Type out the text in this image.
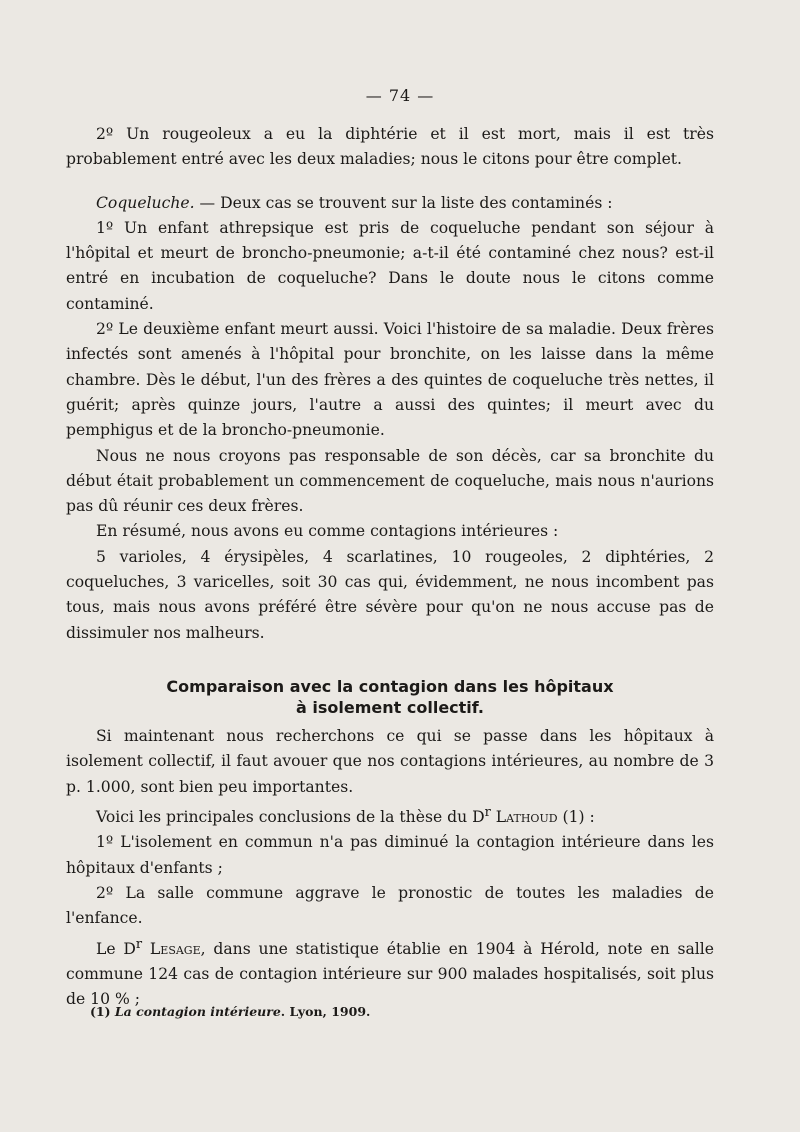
— 74 —

2º Un rougeoleux a eu la diphtérie et il est mort, mais il est très probablement entré avec les deux maladies; nous le citons pour être complet.

Coqueluche. — Deux cas se trouvent sur la liste des contaminés :

1º Un enfant athrepsique est pris de coqueluche pendant son séjour à l'hôpital et meurt de broncho-pneumonie; a-t-il été contaminé chez nous? est-il entré en incubation de coqueluche? Dans le doute nous le citons comme contaminé.

2º Le deuxième enfant meurt aussi. Voici l'histoire de sa maladie. Deux frères infectés sont amenés à l'hôpital pour bronchite, on les laisse dans la même chambre. Dès le début, l'un des frères a des quintes de coqueluche très nettes, il guérit; après quinze jours, l'autre a aussi des quintes; il meurt avec du pemphigus et de la broncho-pneumonie.

Nous ne nous croyons pas responsable de son décès, car sa bronchite du début était probablement un commencement de coqueluche, mais nous n'aurions pas dû réunir ces deux frères.

En résumé, nous avons eu comme contagions intérieures :

5 varioles, 4 érysipèles, 4 scarlatines, 10 rougeoles, 2 diphtéries, 2 coqueluches, 3 varicelles, soit 30 cas qui, évidemment, ne nous incombent pas tous, mais nous avons préféré être sévère pour qu'on ne nous accuse pas de dissimuler nos malheurs.

Comparaison avec la contagion dans les hôpitaux
à isolement collectif.

Si maintenant nous recherchons ce qui se passe dans les hôpitaux à isolement collectif, il faut avouer que nos contagions intérieures, au nombre de 3 p. 1.000, sont bien peu importantes.

Voici les principales conclusions de la thèse du $D^r$ Lathoud (1) :

1º L'isolement en commun n'a pas diminué la contagion intérieure dans les hôpitaux d'enfants ;

2º La salle commune aggrave le pronostic de toutes les maladies de l'enfance.

Le $D^r$ Lesage, dans une statistique établie en 1904 à Hérold, note en salle commune 124 cas de contagion intérieure sur 900 malades hospitalisés, soit plus de 10 % ;

(1) La contagion intérieure. Lyon, 1909.
